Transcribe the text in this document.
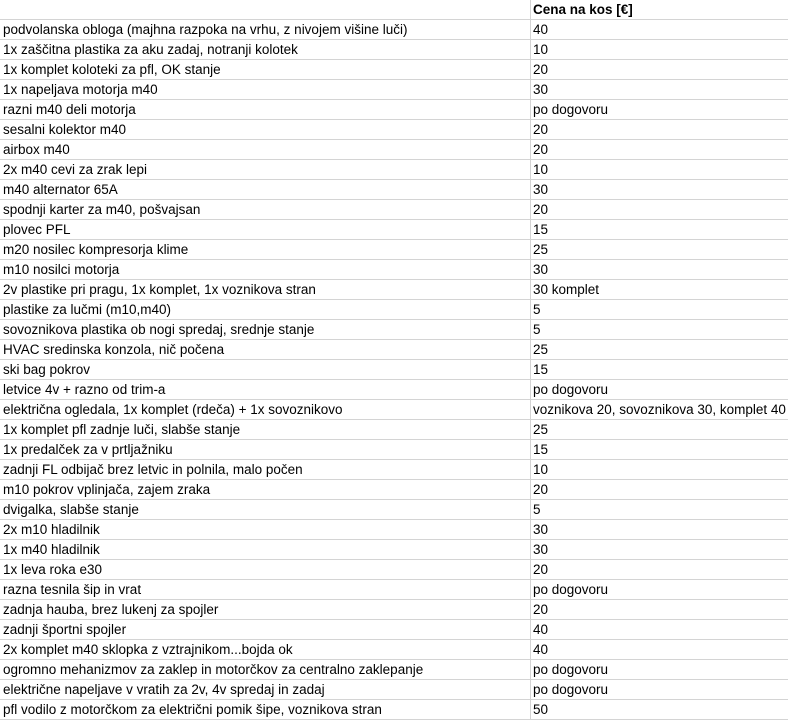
Cena na kos [€]
podvolanska obloga (majhna razpoka na vrhu, z nivojem višine luči)	40
1x zaščitna plastika za aku zadaj, notranji kolotek	10
1x komplet koloteki za pfl, OK stanje	20
1x napeljava motorja m40	30
razni m40 deli motorja	po dogovoru
sesalni kolektor m40	20
airbox m40	20
2x m40 cevi za zrak lepi	10
m40 alternator 65A	30
spodnji karter za m40, pošvajsan	20
plovec PFL	15
m20 nosilec kompresorja klime	25
m10 nosilci motorja	30
2v plastike pri pragu, 1x komplet, 1x voznikova stran	30 komplet
plastike za lučmi (m10,m40)	5
sovoznikova plastika ob nogi spredaj, srednje stanje	5
HVAC sredinska konzola, nič počena	25
ski bag pokrov	15
letvice 4v + razno od trim-a	po dogovoru
električna ogledala, 1x komplet (rdeča) + 1x sovoznikovo	voznikova 20, sovoznikova 30, komplet 40
1x komplet pfl zadnje luči, slabše stanje	25
1x predalček za v prtljažniku	15
zadnji FL odbijač brez letvic in polnila, malo počen	10
m10 pokrov vplinjača, zajem zraka	20
dvigalka, slabše stanje	5
2x m10 hladilnik	30
1x m40 hladilnik	30
1x leva roka e30	20
razna tesnila šip in vrat	po dogovoru
zadnja hauba, brez lukenj za spojler	20
zadnji športni spojler	40
2x komplet m40 sklopka z vztrajnikom...bojda ok	40
ogromno mehanizmov za zaklep in motorčkov za centralno zaklepanje	po dogovoru
električne napeljave v vratih za 2v, 4v spredaj in zadaj	po dogovoru
pfl vodilo z motorčkom za električni pomik šipe, voznikova stran	50
